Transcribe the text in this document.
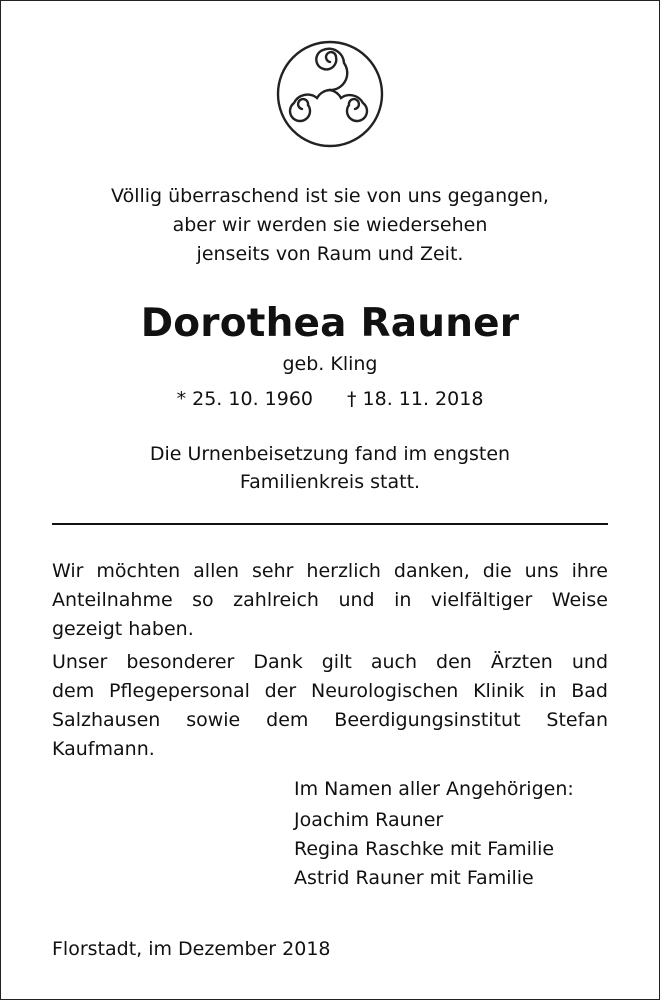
Völlig überraschend ist sie von uns gegangen,
aber wir werden sie wiedersehen
jenseits von Raum und Zeit.
Dorothea Rauner
geb. Kling
* 25. 10. 1960 † 18. 11. 2018
Die Urnenbeisetzung fand im engsten
Familienkreis statt.
Wir möchten allen sehr herzlich danken, die uns ihre
Anteilnahme so zahlreich und in vielfältiger Weise
gezeigt haben.
Unser besonderer Dank gilt auch den Ärzten und
dem Pflegepersonal der Neurologischen Klinik in Bad
Salzhausen sowie dem Beerdigungsinstitut Stefan
Kaufmann.
Im Namen aller Angehörigen:
Joachim Rauner
Regina Raschke mit Familie
Astrid Rauner mit Familie
Florstadt, im Dezember 2018
